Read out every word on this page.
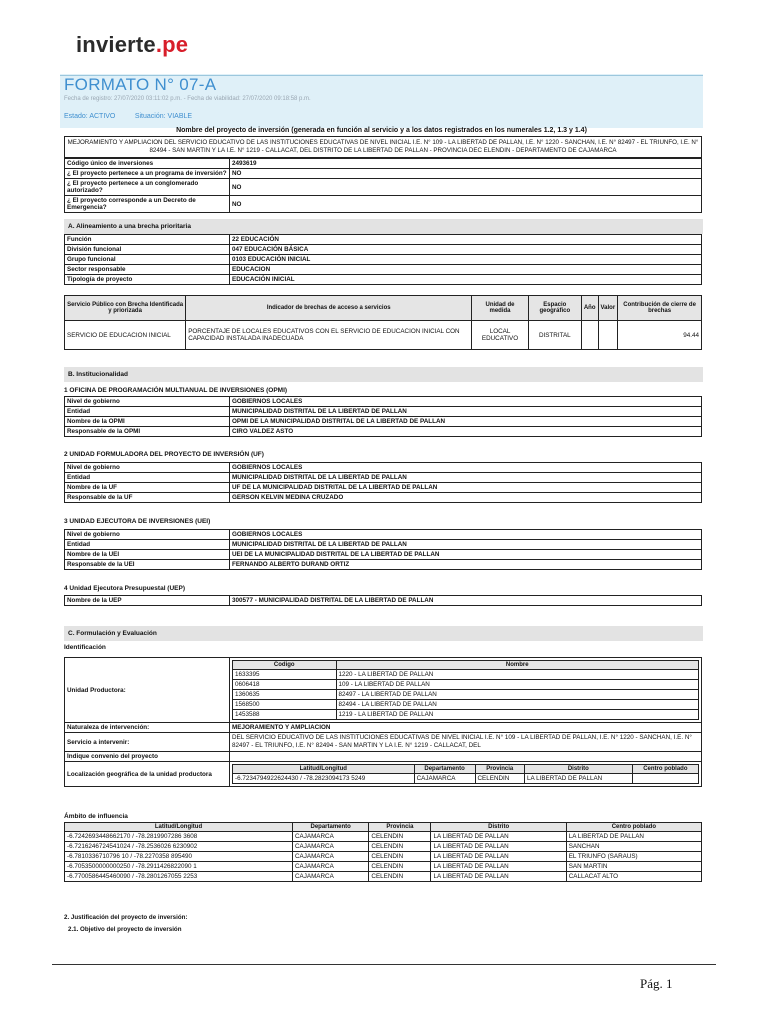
invierte.pe
FORMATO N° 07-A
Fecha de registro: 27/07/2020 03:11:02 p.m. - Fecha de viabilidad: 27/07/2020 09:18:58 p.m.
Estado: ACTIVO	Situación: VIABLE
Nombre del proyecto de inversión (generada en función al servicio y a los datos registrados en los numerales 1.2, 1.3 y 1.4)
MEJORAMIENTO Y AMPLIACION DEL SERVICIO EDUCATIVO DE LAS INSTITUCIONES EDUCATIVAS DE NIVEL INICIAL I.E. N° 109 - LA LIBERTAD DE PALLAN, I.E. N° 1220 - SANCHAN, I.E. N° 82497 - EL TRIUNFO, I.E. N° 82494 - SAN MARTIN Y LA I.E. N° 1219 - CALLACAT, DEL DISTRITO DE LA LIBERTAD DE PALLAN - PROVINCIA DEC ELENDIN - DEPARTAMENTO DE CAJAMARCA
Código único de inversiones	2493619
¿ El proyecto pertenece a un programa de inversión?	NO
¿ El proyecto pertenece a un conglomerado autorizado?	NO
¿ El proyecto corresponde a un Decreto de Emergencia?	NO
A. Alineamiento a una brecha prioritaria
Función	22 EDUCACIÓN
División funcional	047 EDUCACIÓN BÁSICA
Grupo funcional	0103 EDUCACIÓN INICIAL
Sector responsable	EDUCACION
Tipología de proyecto	EDUCACIÓN INICIAL
Servicio Público con Brecha Identificada y priorizada	Indicador de brechas de acceso a servicios	Unidad de medida	Espacio geográfico	Año	Valor	Contribución de cierre de brechas
SERVICIO DE EDUCACION INICIAL	PORCENTAJE DE LOCALES EDUCATIVOS CON EL SERVICIO DE EDUCACION INICIAL CON CAPACIDAD INSTALADA INADECUADA	LOCAL EDUCATIVO	DISTRITAL			94.44
B. Institucionalidad
1 OFICINA DE PROGRAMACIÓN MULTIANUAL DE INVERSIONES (OPMI)
Nivel de gobierno	GOBIERNOS LOCALES
Entidad	MUNICIPALIDAD DISTRITAL DE LA LIBERTAD DE PALLAN
Nombre de la OPMI	OPMI DE LA MUNICIPALIDAD DISTRITAL DE LA LIBERTAD DE PALLAN
Responsable de la OPMI	CIRO VALDEZ ASTO
2 UNIDAD FORMULADORA DEL PROYECTO DE INVERSIÓN (UF)
Nivel de gobierno	GOBIERNOS LOCALES
Entidad	MUNICIPALIDAD DISTRITAL DE LA LIBERTAD DE PALLAN
Nombre de la UF	UF DE LA MUNICIPALIDAD DISTRITAL DE LA LIBERTAD DE PALLAN
Responsable de la UF	GERSON KELVIN MEDINA CRUZADO
3 UNIDAD EJECUTORA DE INVERSIONES (UEI)
Nivel de gobierno	GOBIERNOS LOCALES
Entidad	MUNICIPALIDAD DISTRITAL DE LA LIBERTAD DE PALLAN
Nombre de la UEI	UEI DE LA MUNICIPALIDAD DISTRITAL DE LA LIBERTAD DE PALLAN
Responsable de la UEI	FERNANDO ALBERTO DURAND ORTIZ
4 Unidad Ejecutora Presupuestal (UEP)
Nombre de la UEP	300577 - MUNICIPALIDAD DISTRITAL DE LA LIBERTAD DE PALLAN
C. Formulación y Evaluación
Identificación
Unidad Productora:	
Codigo	Nombre
1633395	1220 - LA LIBERTAD DE PALLAN
0606418	109 - LA LIBERTAD DE PALLAN
1360635	82497 - LA LIBERTAD DE PALLAN
1568500	82494 - LA LIBERTAD DE PALLAN
1453588	1219 - LA LIBERTAD DE PALLAN

Naturaleza de intervención:	MEJORAMIENTO Y AMPLIACION
Servicio a intervenir:	DEL SERVICIO EDUCATIVO DE LAS INSTITUCIONES EDUCATIVAS DE NIVEL INICIAL I.E. N° 109 - LA LIBERTAD DE PALLAN, I.E. N° 1220 - SANCHAN, I.E. N° 82497 - EL TRIUNFO, I.E. N° 82494 - SAN MARTIN Y LA I.E. N° 1219 - CALLACAT, DEL
Indique convenio del proyecto	
Localización geográfica de la unidad productora	
Latitud/Longitud	Departamento	Provincia	Distrito	Centro poblado
-6.7234794922624430 / -78.2823094173 5249	CAJAMARCA	CELENDIN	LA LIBERTAD DE PALLAN	
Ámbito de influencia
Latitud/Longitud	Departamento	Provincia	Distrito	Centro poblado
-6.7242693448662170 / -78.2819907286 3608	CAJAMARCA	CELENDIN	LA LIBERTAD DE PALLAN	LA LIBERTAD DE PALLAN
-6.7216246724541024 / -78.2536026 6230902	CAJAMARCA	CELENDIN	LA LIBERTAD DE PALLAN	SANCHAN
-6.7810336710796 10 / -78.2270358 895490	CAJAMARCA	CELENDIN	LA LIBERTAD DE PALLAN	EL TRIUNFO (SARAUS)
-6.7053500000000250 / -78.2911426822090 1	CAJAMARCA	CELENDIN	LA LIBERTAD DE PALLAN	SAN MARTIN
-6.7700586445460090 / -78.2801267055 2253	CAJAMARCA	CELENDIN	LA LIBERTAD DE PALLAN	CALLACAT ALTO
2. Justificación del proyecto de inversión:
2.1. Objetivo del proyecto de inversión
Pág. 1
